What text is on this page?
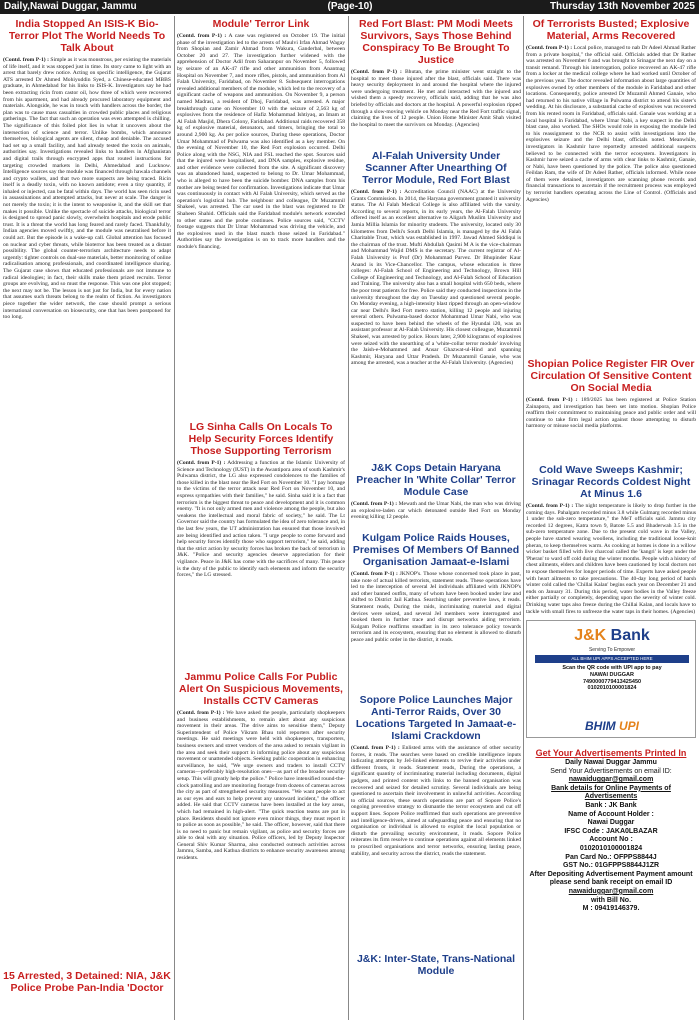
Daily,Nawai Duggar, Jammu	(Page-10)	Thursday 13th November 2025
India Stopped An ISIS-K Bio-Terror Plot The World Needs To Talk About
(Contd. from P-1) : Simple as it was monstrous, per existing the materials of life itself, and it was stopped just in time. Its story came to light with an arrest that barely drew notice. Acting on specific intelligence, the Gujarat ATS arrested Dr Ahmed Mohiyuddin Syed, a Chinese-educated MBBS graduate, in Ahmedabad for his links to ISIS-K. Investigators say he had been extracting ricin from castor oil, how three of which were recovered from his apartment, and had already procured laboratory equipment and materials. Alongside, he was in touch with handlers across the border, the plan was to cause mass casualties in crowded public places and religious gatherings. The fact that such an operation was even attempted is chilling. The significance of this foiled plot lies in what it uncovers about the intersection of science and terror. Unlike bombs, which announce themselves, biological agents are silent, cheap and deniable. The accused had set up a small facility, and had already tested the toxin on animals, authorities say. Investigations revealed links to handlers in Afghanistan and digital trails through encrypted apps that routed instructions for targeting crowded markets in Delhi, Ahmedabad and Lucknow. Intelligence sources say the module was financed through hawala channels and crypto wallets, and that two more suspects are being traced. Ricin itself is a deadly toxin, with no known antidote; even a tiny quantity, if inhaled or injected, can be fatal within days. The world has seen ricin used in assassinations and attempted attacks, but never at scale. The danger is not merely the toxin; it is the intent to weaponise it, and the skill set that makes it possible. Unlike the spectacle of suicide attacks, biological terror is designed to spread panic slowly, overwhelm hospitals and erode public trust. It is a threat the world has long feared and rarely faced. Thankfully, Indian agencies moved swiftly, and the module was neutralised before it could act. But the episode is a wake-up call. Global attention has focused on nuclear and cyber threats, while bioterror has been treated as a distant possibility. The global counter-terrorism architecture needs to adapt urgently: tighter controls on dual-use materials, better monitoring of online radicalisation among professionals, and coordinated intelligence sharing. The Gujarat case shows that educated professionals are not immune to radical ideologies; in fact, their skills make them prized recruits. Terror groups are evolving, and so must the response. This was one plot stopped; the next may not be. The lesson is not just for India, but for every nation that assumes such threats belong to the realm of fiction. As investigators piece together the wider network, the case should prompt a serious international conversation on biosecurity, one that has been postponed for too long.
15 Arrested, 3 Detained: NIA, J&K Police Probe Pan-India 'Doctor
Module' Terror Link
(Contd. from P-1) : A case was registered on October 19. The initial phase of the investigation led to the arrests of Maulvi Irfan Ahmad Wagay from Shopian and Zamir Ahmad from Wakura, Ganderbal, between October 20 and 27. The investigation further widened with the apprehension of Doctor Adil from Saharanpur on November 5, followed by seizure of an AK-47 rifle and other ammunition from Anantnag Hospital on November 7, and more rifles, pistols, and ammunition from Al Falah University, Faridabad, on November 8. Subsequent interrogations revealed additional members of the module, which led to the recovery of a significant cache of weapons and ammunition. On November 9, a person named Madrasi, a resident of Dhoj, Faridabad, was arrested. A major breakthrough came on November 10 with the seizure of 2,563 kg of explosives from the residence of Hafiz Mohammad Ishtiyaq, an Imam at Al Falah Masjid, Dhera Colony, Faridabad. Additional raids recovered 358 kg of explosive material, detonators, and timers, bringing the total to around 2,900 kg. As per police sources, During these operations, Doctor Umar Mohammad of Pulwama was also identified as a key member. On the evening of November 10, the Red Fort explosion occurred. Delhi Police along with the NSG, NIA and FSL reached the spot. Sources said that the injured were hospitalised, and DNA samples, explosive residue, and other evidence were collected from the site. A significant discovery was an abandoned hand, suspected to belong to Dr. Umar Mohammad, who is alleged to have been the suicide bomber. DNA samples from his mother are being tested for confirmation. Investigations indicate that Umar was continuously in contact with Al Falah University, which served as the operation's logistical hub. The neighbour and colleague, Dr Muzammil Shakeel, was arrested. The car used in the blast was registered to Dr Shaheen Shahid. Officials said the Faridabad module's network extended to other states and the probe continues. Police sources said, "CCTV footage suggests that Dr Umar Mohammad was driving the vehicle, and the explosives used in the blast match those seized in Faridabad." Authorities say the investigation is on to track more handlers and the module's financing.
LG Sinha Calls On Locals To Help Security Forces Identify Those Supporting Terrorism
(Contd. from P-1) : Addressing a function at the Islamic University of Science and Technology (IUST) in the Awantipora area of south Kashmir's Pulwama district, the LG also expressed condolences to the families of those killed in the blast near the Red Fort on November 10. "I pay homage to the victims of the terror attack near Red Fort on November 10, and express sympathies with their families," he said. Sinha said it is a fact that terrorism is the biggest threat to peace and development and it is common enemy. "It is not only armed men and violence among the people, but also weakens the intellectual and moral fabric of society," he said. The Lt Governor said the country has formulated the idea of zero tolerance and, in the last few years, the UT administration has ensured that those involved are being identified and action taken. "I urge people to come forward and help security forces identify those who support terrorism," he said, adding that the strict action by security forces has broken the back of terrorism in J&K. "Police and security agencies deserve appreciation for their vigilance. Peace in J&K has come with the sacrifices of many. This peace is the duty of the public to identify such elements and inform the security forces," the LG stressed.
Jammu Police Calls For Public Alert On Suspicious Movements, Installs CCTV Cameras
(Contd. from P-1) : We have asked the people, particularly shopkeepers and business establishments, to remain alert about any suspicious movement in their areas. The drive aims to sensitise them," Deputy Superintendent of Police Vikram Bhau told reporters after security meetings. He said meetings were held with shopkeepers, transporters, business owners and street vendors of the area asked to remain vigilant in the area and seek their support in informing police about any suspicious movement or unattended objects. Seeking public cooperation in enhancing surveillance, he said, "We urge owners and traders to install CCTV cameras—preferably high-resolution ones—as part of the broader security setup. This will greatly help the police." Police have intensified round-the-clock patrolling and are monitoring footage from dozens of cameras across the city as part of strengthened security measures. "We want people to act as our eyes and ears to help prevent any untoward incident," the officer added. He said that CCTV cameras have been installed at the key areas, which had remained in high-alert. "The quick reaction teams are put in place. Residents should not ignore even minor things, they must report it to police as soon as possible," he said. The officer, however, said that there is no need to panic but remain vigilant, as police and security forces are able to deal with any situation. Police officers, led by Deputy Inspector General Shiv Kumar Sharma, also conducted outreach activities across Jammu, Samba, and Kathua districts to enhance security awareness among residents.
Red Fort Blast: PM Modi Meets Survivors, Says Those Behind Conspiracy To Be Brought To Justice
(Contd. from P-1) : Bhutan, the prime minister went straight to the hospital to meet those injured after the blast, officials said. There was heavy security deployment in and around the hospital where the injured were undergoing treatment. He met and interacted with the injured and wished them a speedy recovery, officials said, adding that he was also briefed by officials and doctors at the hospital. A powerful explosion ripped through a slow-moving vehicle on Monday near the Red Fort traffic signal, claiming the lives of 12 people. Union Home Minister Amit Shah visited the hospital to meet the survivors on Monday. (Agencies)
Al-Falah University Under Scanner After Unearthing Of Terror Module, Red Fort Blast
(Contd. from P-1) : Accreditation Council (NAAC) at the University Grants Commission. In 2014, the Haryana government granted it university status. The Al Falah Medical College is also affiliated with the varsity. According to several reports, in its early years, the Al-Falah University offered itself as an excellent alternative to Aligarh Muslim University and Jamia Millia Islamia for minority students. The university, located only 30 kilometres from Delhi's South Delhi Islamia, is managed by the Al Falah Charitable Trust, which was established in 1997. Jawad Ahmed Siddiqui is the chairman of the trust. Mufti Abdullah Qasimi M A is the vice-chairman and Mohammad Wajid DMS is the secretary. The current registrar of Al-Falah University is Prof (Dr) Mohammad Parvez. Dr Bhupinder Kaur Anand is its Vice-Chancellor. The campus, whose education is three colleges: Al-Falah School of Engineering and Technology, Brown Hill College of Engineering and Technology, and Al-Falah School of Education and Training. The university also has a small hospital with 650 beds, where the poor treat patients for free. Police said they conducted inspections in the university throughout the day on Tuesday and questioned several people. On Monday evening, a high-intensity blast ripped through an open-window car near Delhi's Red Fort metro station, killing 12 people and injuring several others. Pulwama-based doctor Mohammad Umar Nabi, who was suspected to have been behind the wheels of the Hyundai i20, was an assistant professor at Al-Falah University. His closest colleague, Muzammil Shakeel, was arrested by police. Hours later, 2,900 kilograms of explosives were seized with the unearthing of a 'white-collar terror module' involving the Jaish-e-Mohammed and Ansar Ghazwat-ul-Hind and spanning Kashmir, Haryana and Uttar Pradesh. Dr Muzammil Ganaie, who was among the arrested, was a teacher at the Al-Falah University. (Agencies)
J&K Cops Detain Haryana Preacher In 'White Collar' Terror Module Case
(Contd. from P-1) : Mewath and the Umar Nabi, the man who was driving an explosive-laden car which detonated outside Red Fort on Monday evening killing 12 people.
Kulgam Police Raids Houses, Premises Of Members Of Banned Organisation Jamaat-e-Islami
(Contd. from P-1) : JKNOP's. Those whose concerned took place in past, take note of actual killed terrorists, statement reads. These operations have led to the interception of several JeI individuals affiliated with JKNOP's and other banned outfits, many of whom have been booked under law and shifted to District Jail Kathua. Searching under preventive laws, it reads. Statement reads, During the raids, incriminating material and digital devices were seized, and several JeI members were interrogated and booked them in further trace and disrupt networks aiding terrorism. Kulgam Police reaffirms steadfast in its zero tolerance policy towards terrorism and its ecosystem, ensuring that no element is allowed to disturb peace and public order in the district, it reads.
Sopore Police Launches Major Anti-Terror Raids, Over 30 Locations Targeted In Jamaat-e-Islami Crackdown
(Contd. from P-1) : Enlisted arms with the assistance of other security forces, it reads. The searches were based on credible intelligence inputs indicating attempts by JeI-linked elements to revive their activities under different fronts, it reads. Statement reads, During the operations, a significant quantity of incriminating material including documents, digital gadgets, and printed content with links to the banned organisation was recovered and seized for detailed scrutiny. Several individuals are being questioned to ascertain their involvement in unlawful activities. According to official sources, these search operations are part of Sopore Police's ongoing preventive strategy to dismantle the terror ecosystem and cut off support lines. Sopore Police reaffirmed that such operations are preventive and intelligence-driven, aimed at safeguarding peace and ensuring that no organisation or individual is allowed to exploit the local population or disturb the prevailing security environment, it reads. Sopore Police reiterates its firm resolve to continue operations against all elements linked to proscribed organisations and terror networks, ensuring lasting peace, stability, and security across the district, reads the statement.
J&K: Inter-State, Trans-National Module
Of Terrorists Busted; Explosive Material, Arms Recovered
(Contd. from P-1) : Local police, managed to nab Dr Adeel Ahmad Rather from a private hospital," the official said. Officials added that Dr Rather was arrested on November 6 and was brought to Srinagar the next day on a transit remand. Through his interrogation, police recovered an AK-47 rifle from a locker at the medical college where he had worked until October of the previous year. The doctor revealed information about large quantities of explosives owned by other members of the module in Faridabad and other locations. Consequently, police arrested Dr Muzamil Ahmed Ganaie, who had returned to his native village in Pulwama district to attend his sister's wedding. At his disclosure, a substantial cache of explosives was recovered from his rented room in Faridabad, officials said. Ganaie was working at a local hospital in Faridabad, where Umar Nabi, a key suspect in the Delhi blast case, also worked. The SHOs would role in exposing the module led to his reassignment to the NCR to assist with investigations into the explosives seizure and the Delhi blast, officials noted. Meanwhile, investigators in Kashmir have reportedly arrested additional suspects believed to be connected with the terror ecosystem. Investigators in Kashmir have seized a cache of arms with clear links to Kashmir, Ganaie, or Nabi, have been questioned by the police. The police also questioned Feildan Ram, the wife of Dr Adeel Rather, officials informed. While none of them were detained, investigators are scanning phone records and financial transactions to ascertain if the recruitment process was employed by terrorist handlers operating across the Line of Control. (Officials and Agencies)
Shopian Police Register FIR Over Circulation Of Sensitive Content On Social Media
(Contd. from P-1) : 189/2025 has been registered at Police Station Zainapora, and investigation has been set into motion. Shopian Police reaffirm their commitment to maintaining peace and public order and will continue to take firm legal action against those attempting to disturb harmony or misuse social media platforms.
Cold Wave Sweeps Kashmir; Srinagar Records Coldest Night At Minus 1.6
(Contd. from P-1) : The night temperature is likely to drop further in the coming days. Pahalgam recorded minus 3.8 while Gulmarg recorded minus 1 under the sub-zero temperature," the MeT officials said. Jammu city recorded 12 degrees, Katra town 9, Batote 5.5 and Bhaderwah 3.5 in the sub-zero temperature zone. Due to the present cold wave in the Valley, people have started wearing woollens, including the traditional loose-knit pheran, to keep themselves warm. As cooking at homes is done in a willow wicker basket filled with live charcoal called the 'kangri' is kept under the 'Pheran' to ward off cold during the winter months. People with a history of chest ailments, elders and children have been cautioned by local doctors not to expose themselves for longer periods of time. Experts have asked people with heart ailments to take precautions. The 40-day long period of harsh winter cold called the 'Chillai Kalan' begins each year on December 21 and ends on January 31. During this period, water bodies in the Valley freeze either partially or completely, depending upon the severity of winter cold. Drinking water taps also freeze during the Chillai Kalan, and locals have to tackle with small fires to unfreeze the water taps in their homes. (Agencies)
J&K Bank
Serving To Empower
ALL BHIM UPI APPS ACCEPTED HERE
Scan the QR code with UPI app to pay
NAWAI DUGGAR
7490000779413425450
0102010100001824
BHIM UPI
Get Your Advertisements Printed In
Daily Nawai Duggar Jammu
Send Your Advertisements on email ID:
nawaiduggar@gmail.com
Bank details for Online Payments of Advertisements
Bank : JK Bank
Name of Account Holder :
Nawai Duggar
IFSC Code : JAKA0LBAZAR
Account No :
0102010100001824
Pan Card No.: OFPPS8844J
GST No.: 01GFPPS8844J1ZR
After Depositing Advertisement Payment amount please send bank receipt on email ID
nawaiduggar@gmail.com
with Bill No.
M : 09419146379.
